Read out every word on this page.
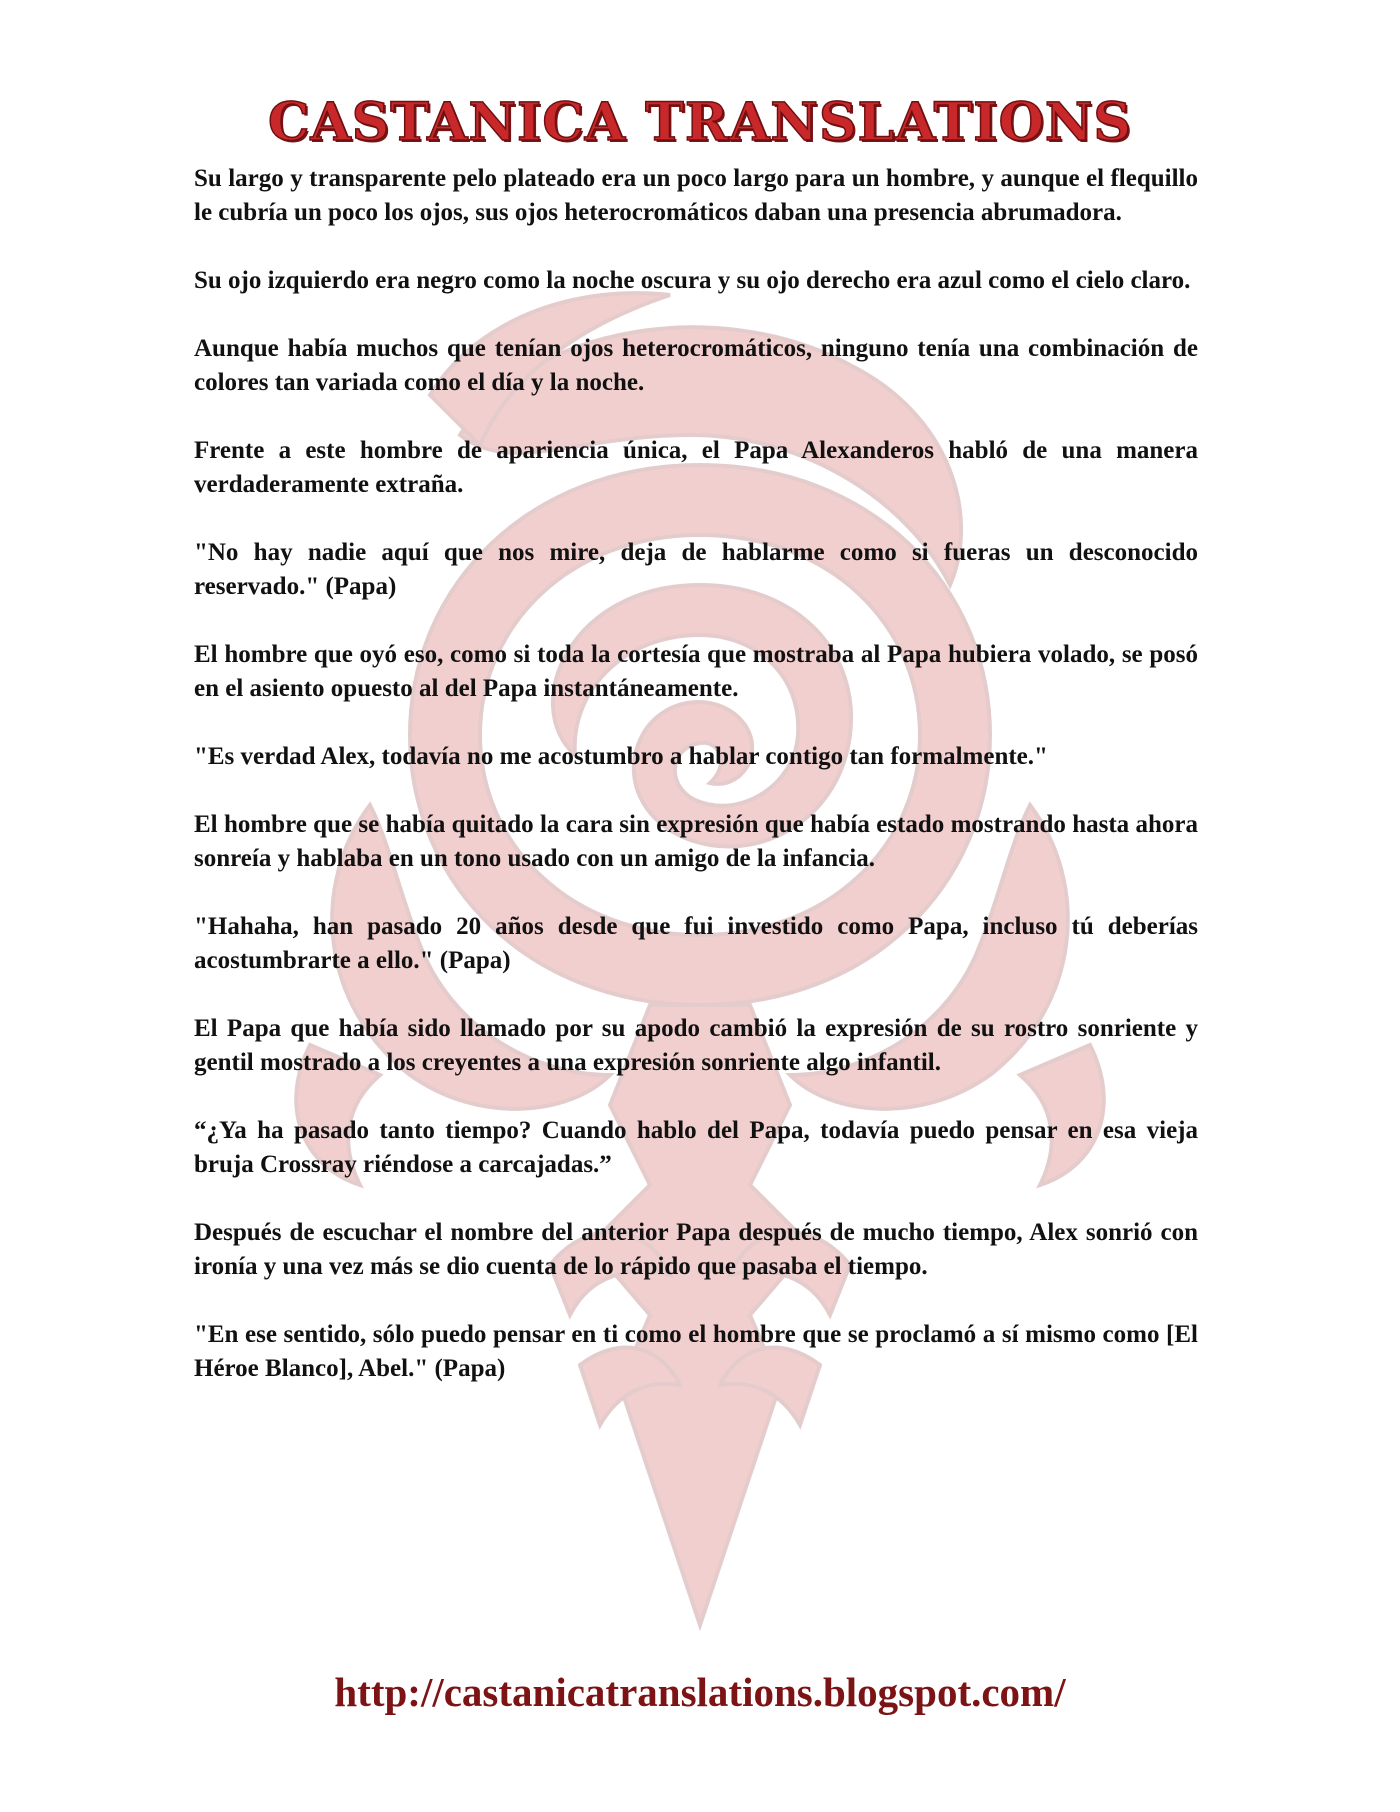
CASTANICA TRANSLATIONS

Su largo y transparente pelo plateado era un poco largo para un hombre, y aunque el flequillo le cubría un poco los ojos, sus ojos heterocromáticos daban una presencia abrumadora.

Su ojo izquierdo era negro como la noche oscura y su ojo derecho era azul como el cielo claro.

Aunque había muchos que tenían ojos heterocromáticos, ninguno tenía una combinación de colores tan variada como el día y la noche.

Frente a este hombre de apariencia única, el Papa Alexanderos habló de una manera verdaderamente extraña.

"No hay nadie aquí que nos mire, deja de hablarme como si fueras un desconocido reservado." (Papa)

El hombre que oyó eso, como si toda la cortesía que mostraba al Papa hubiera volado, se posó en el asiento opuesto al del Papa instantáneamente.

"Es verdad Alex, todavía no me acostumbro a hablar contigo tan formalmente."

El hombre que se había quitado la cara sin expresión que había estado mostrando hasta ahora sonreía y hablaba en un tono usado con un amigo de la infancia.

"Hahaha, han pasado 20 años desde que fui investido como Papa, incluso tú deberías acostumbrarte a ello." (Papa)

El Papa que había sido llamado por su apodo cambió la expresión de su rostro sonriente y gentil mostrado a los creyentes a una expresión sonriente algo infantil.

“¿Ya ha pasado tanto tiempo? Cuando hablo del Papa, todavía puedo pensar en esa vieja bruja Crossray riéndose a carcajadas.”

Después de escuchar el nombre del anterior Papa después de mucho tiempo, Alex sonrió con ironía y una vez más se dio cuenta de lo rápido que pasaba el tiempo.

"En ese sentido, sólo puedo pensar en ti como el hombre que se proclamó a sí mismo como [El Héroe Blanco], Abel." (Papa)

http://castanicatranslations.blogspot.com/
